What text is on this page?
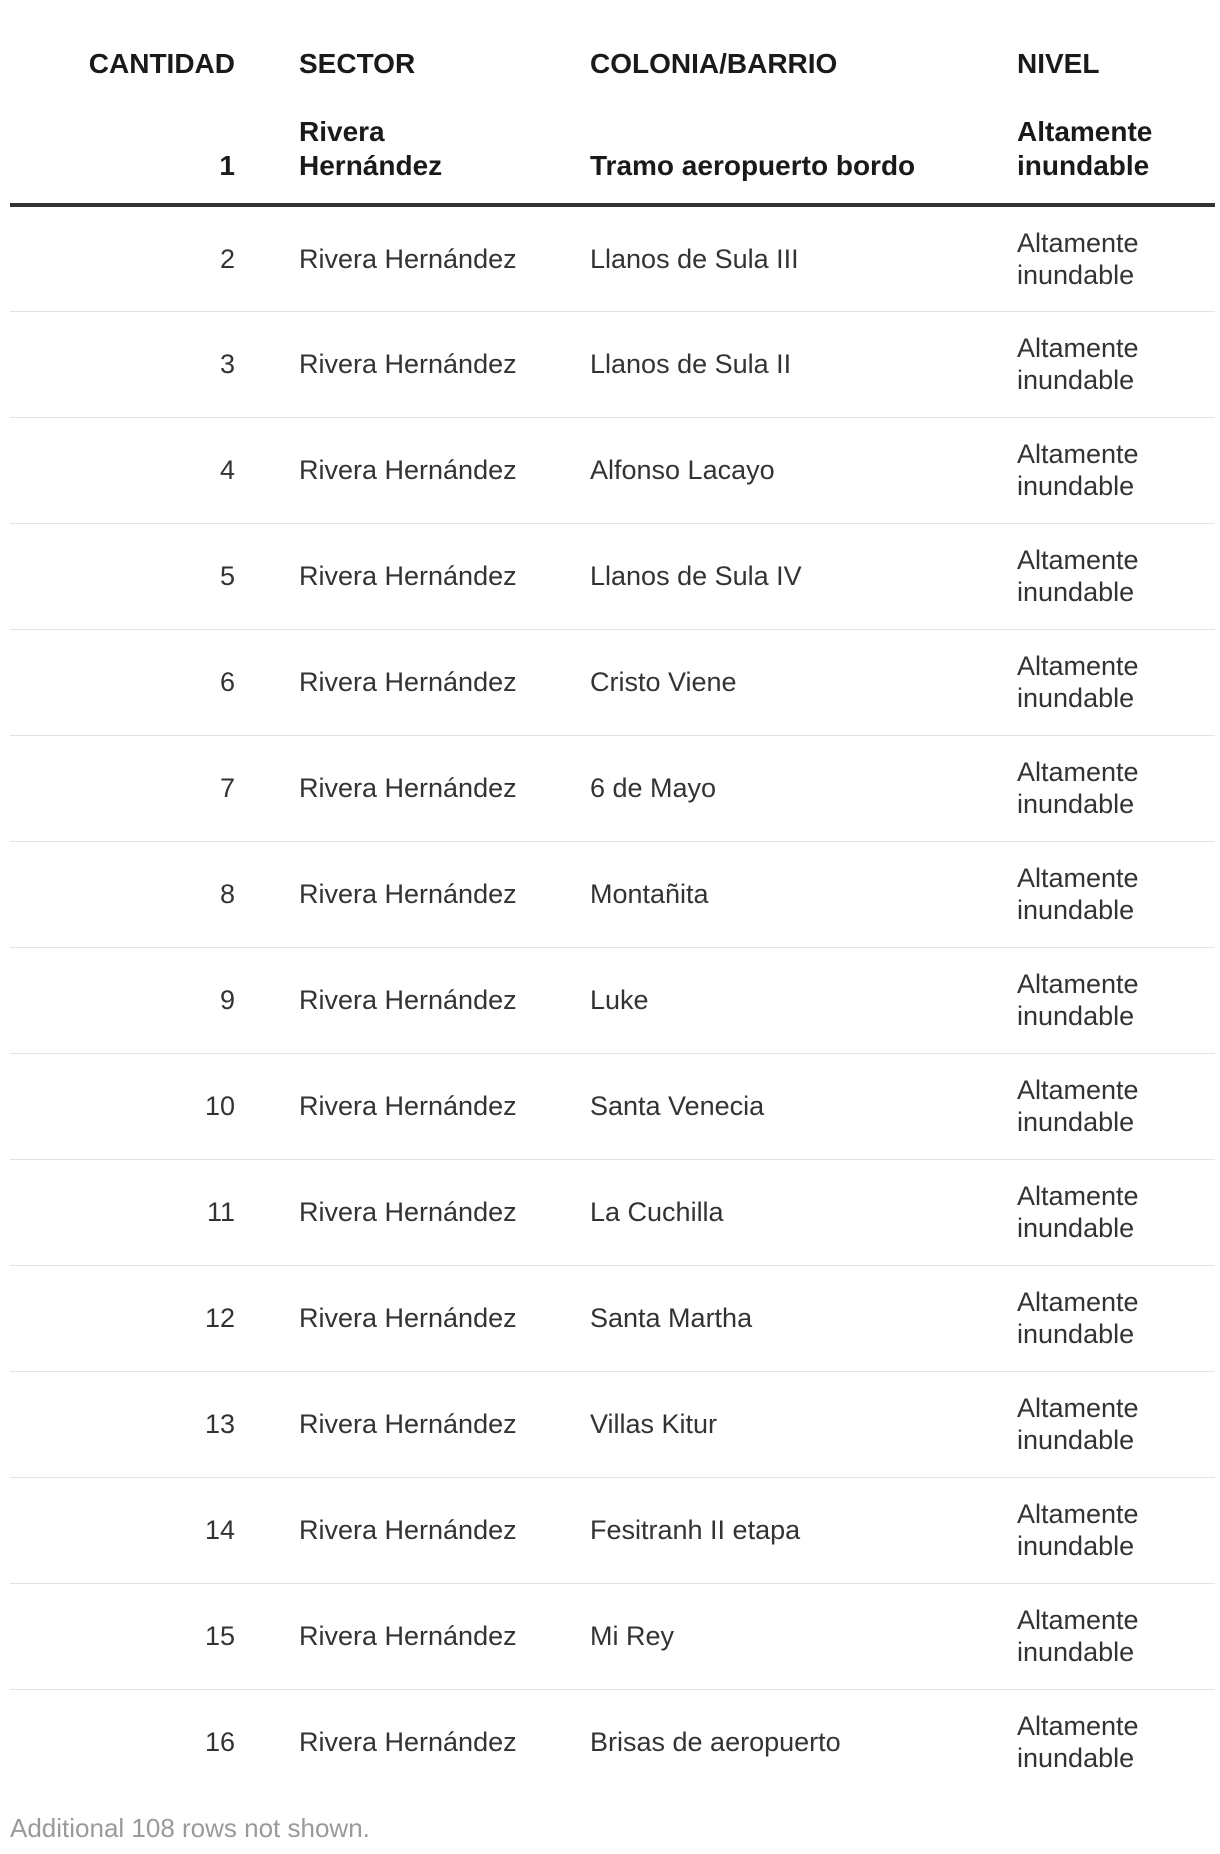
CANTIDAD	SECTOR	COLONIA/BARRIO	NIVEL

1	Rivera Hernández	Tramo aeropuerto bordo	Altamente inundable
2	Rivera Hernández	Llanos de Sula III	Altamente inundable
3	Rivera Hernández	Llanos de Sula II	Altamente inundable
4	Rivera Hernández	Alfonso Lacayo	Altamente inundable
5	Rivera Hernández	Llanos de Sula IV	Altamente inundable
6	Rivera Hernández	Cristo Viene	Altamente inundable
7	Rivera Hernández	6 de Mayo	Altamente inundable
8	Rivera Hernández	Montañita	Altamente inundable
9	Rivera Hernández	Luke	Altamente inundable
10	Rivera Hernández	Santa Venecia	Altamente inundable
11	Rivera Hernández	La Cuchilla	Altamente inundable
12	Rivera Hernández	Santa Martha	Altamente inundable
13	Rivera Hernández	Villas Kitur	Altamente inundable
14	Rivera Hernández	Fesitranh II etapa	Altamente inundable
15	Rivera Hernández	Mi Rey	Altamente inundable
16	Rivera Hernández	Brisas de aeropuerto	Altamente inundable
Additional 108 rows not shown.
